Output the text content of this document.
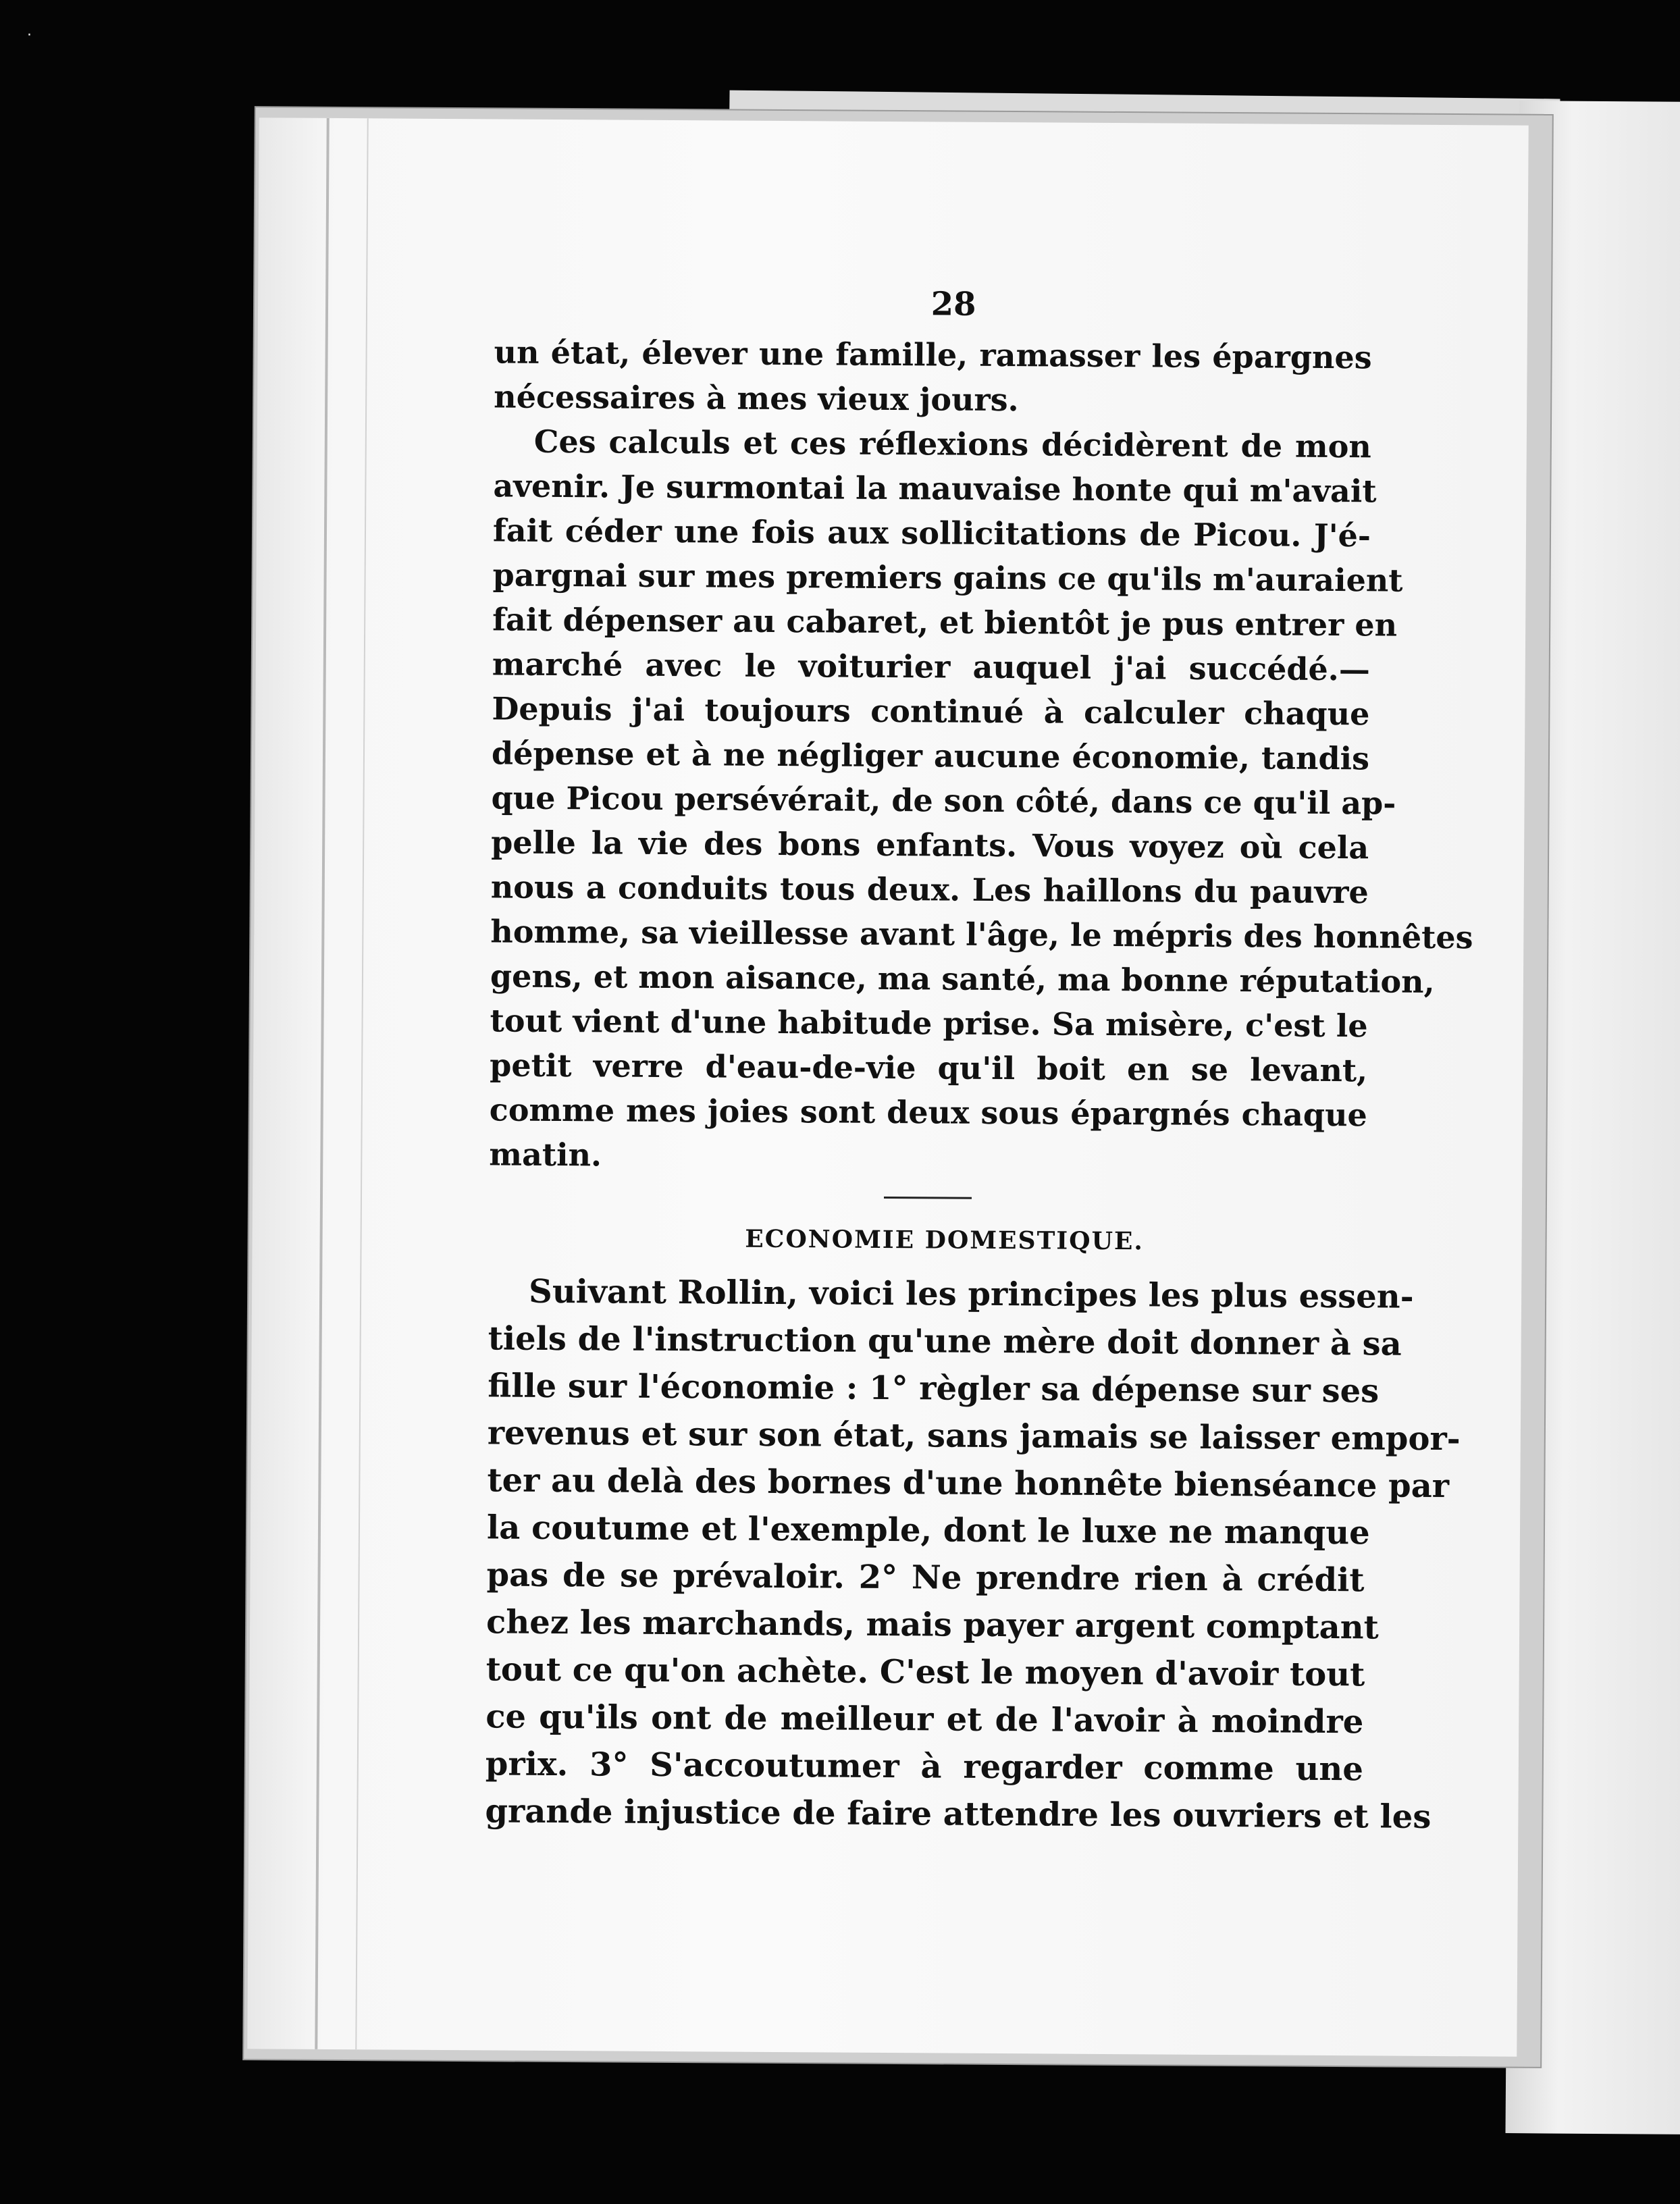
·

28
un état, élever une famille, ramasser les épargnes
nécessaires à mes vieux jours.
Ces calculs et ces réflexions décidèrent de mon
avenir. Je surmontai la mauvaise honte qui m'avait
fait céder une fois aux sollicitations de Picou. J'é-
pargnai sur mes premiers gains ce qu'ils m'auraient
fait dépenser au cabaret, et bientôt je pus entrer en
marché avec le voiturier auquel j'ai succédé.—
Depuis j'ai toujours continué à calculer chaque
dépense et à ne négliger aucune économie, tandis
que Picou persévérait, de son côté, dans ce qu'il ap-
pelle la vie des bons enfants. Vous voyez où cela
nous a conduits tous deux. Les haillons du pauvre
homme, sa vieillesse avant l'âge, le mépris des honnêtes
gens, et mon aisance, ma santé, ma bonne réputation,
tout vient d'une habitude prise. Sa misère, c'est le
petit verre d'eau-de-vie qu'il boit en se levant,
comme mes joies sont deux sous épargnés chaque
matin.
ECONOMIE DOMESTIQUE.
Suivant Rollin, voici les principes les plus essen-
tiels de l'instruction qu'une mère doit donner à sa
fille sur l'économie : 1° règler sa dépense sur ses
revenus et sur son état, sans jamais se laisser empor-
ter au delà des bornes d'une honnête bienséance par
la coutume et l'exemple, dont le luxe ne manque
pas de se prévaloir. 2° Ne prendre rien à crédit
chez les marchands, mais payer argent comptant
tout ce qu'on achète. C'est le moyen d'avoir tout
ce qu'ils ont de meilleur et de l'avoir à moindre
prix. 3° S'accoutumer à regarder comme une
grande injustice de faire attendre les ouvriers et les
